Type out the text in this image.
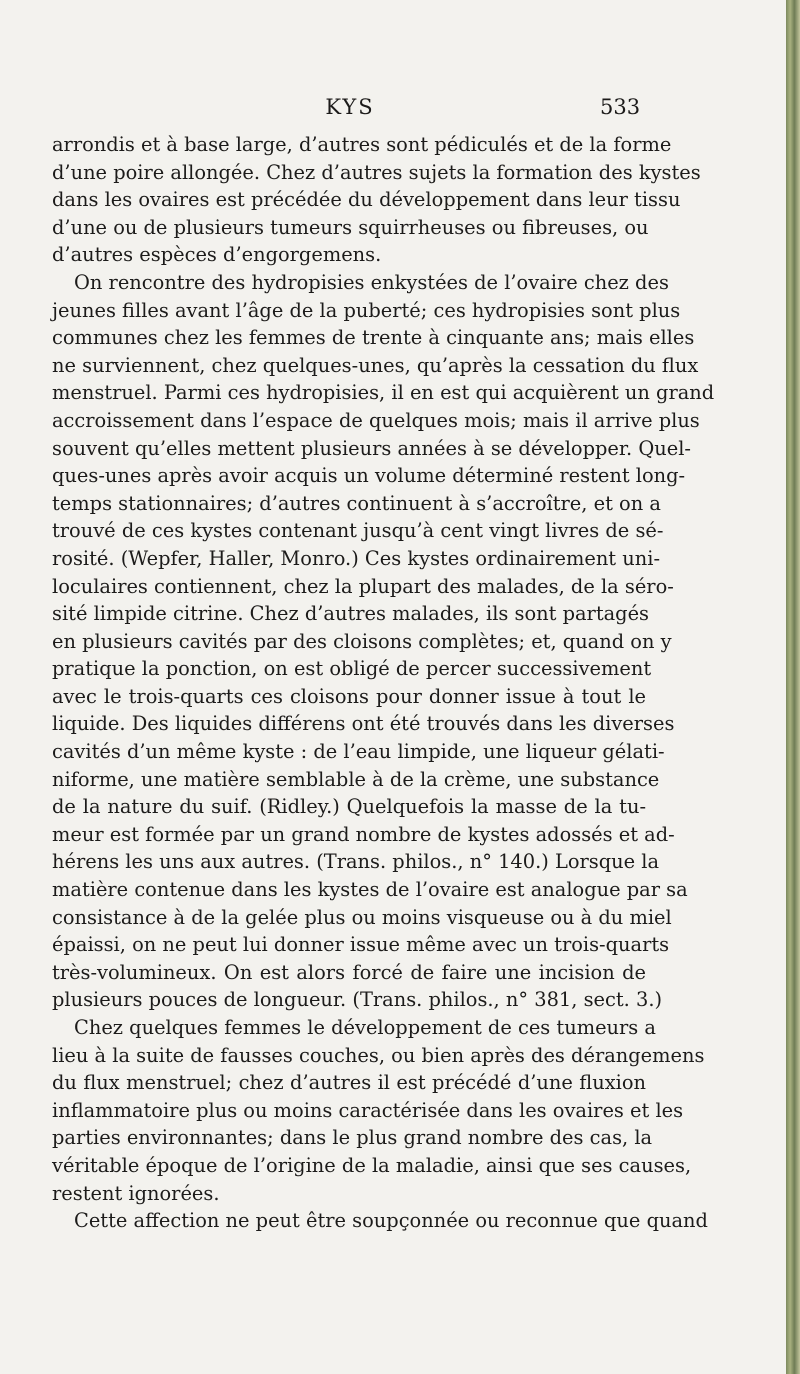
KYS	533
arrondis et à base large, d’autres sont pédiculés et de la forme
d’une poire allongée. Chez d’autres sujets la formation des kystes
dans les ovaires est précédée du développement dans leur tissu
d’une ou de plusieurs tumeurs squirrheuses ou fibreuses, ou
d’autres espèces d’engorgemens.
On rencontre des hydropisies enkystées de l’ovaire chez des
jeunes filles avant l’âge de la puberté; ces hydropisies sont plus
communes chez les femmes de trente à cinquante ans; mais elles
ne surviennent, chez quelques-unes, qu’après la cessation du flux
menstruel. Parmi ces hydropisies, il en est qui acquièrent un grand
accroissement dans l’espace de quelques mois; mais il arrive plus
souvent qu’elles mettent plusieurs années à se développer. Quel-
ques-unes après avoir acquis un volume déterminé restent long-
temps stationnaires; d’autres continuent à s’accroître, et on a
trouvé de ces kystes contenant jusqu’à cent vingt livres de sé-
rosité. (Wepfer, Haller, Monro.) Ces kystes ordinairement uni-
loculaires contiennent, chez la plupart des malades, de la séro-
sité limpide citrine. Chez d’autres malades, ils sont partagés
en plusieurs cavités par des cloisons complètes; et, quand on y
pratique la ponction, on est obligé de percer successivement
avec le trois-quarts ces cloisons pour donner issue à tout le
liquide. Des liquides différens ont été trouvés dans les diverses
cavités d’un même kyste : de l’eau limpide, une liqueur gélati-
niforme, une matière semblable à de la crème, une substance
de la nature du suif. (Ridley.) Quelquefois la masse de la tu-
meur est formée par un grand nombre de kystes adossés et ad-
hérens les uns aux autres. (Trans. philos., n° 140.) Lorsque la
matière contenue dans les kystes de l’ovaire est analogue par sa
consistance à de la gelée plus ou moins visqueuse ou à du miel
épaissi, on ne peut lui donner issue même avec un trois-quarts
très-volumineux. On est alors forcé de faire une incision de
plusieurs pouces de longueur. (Trans. philos., n° 381, sect. 3.)
Chez quelques femmes le développement de ces tumeurs a
lieu à la suite de fausses couches, ou bien après des dérangemens
du flux menstruel; chez d’autres il est précédé d’une fluxion
inflammatoire plus ou moins caractérisée dans les ovaires et les
parties environnantes; dans le plus grand nombre des cas, la
véritable époque de l’origine de la maladie, ainsi que ses causes,
restent ignorées.
Cette affection ne peut être soupçonnée ou reconnue que quand
